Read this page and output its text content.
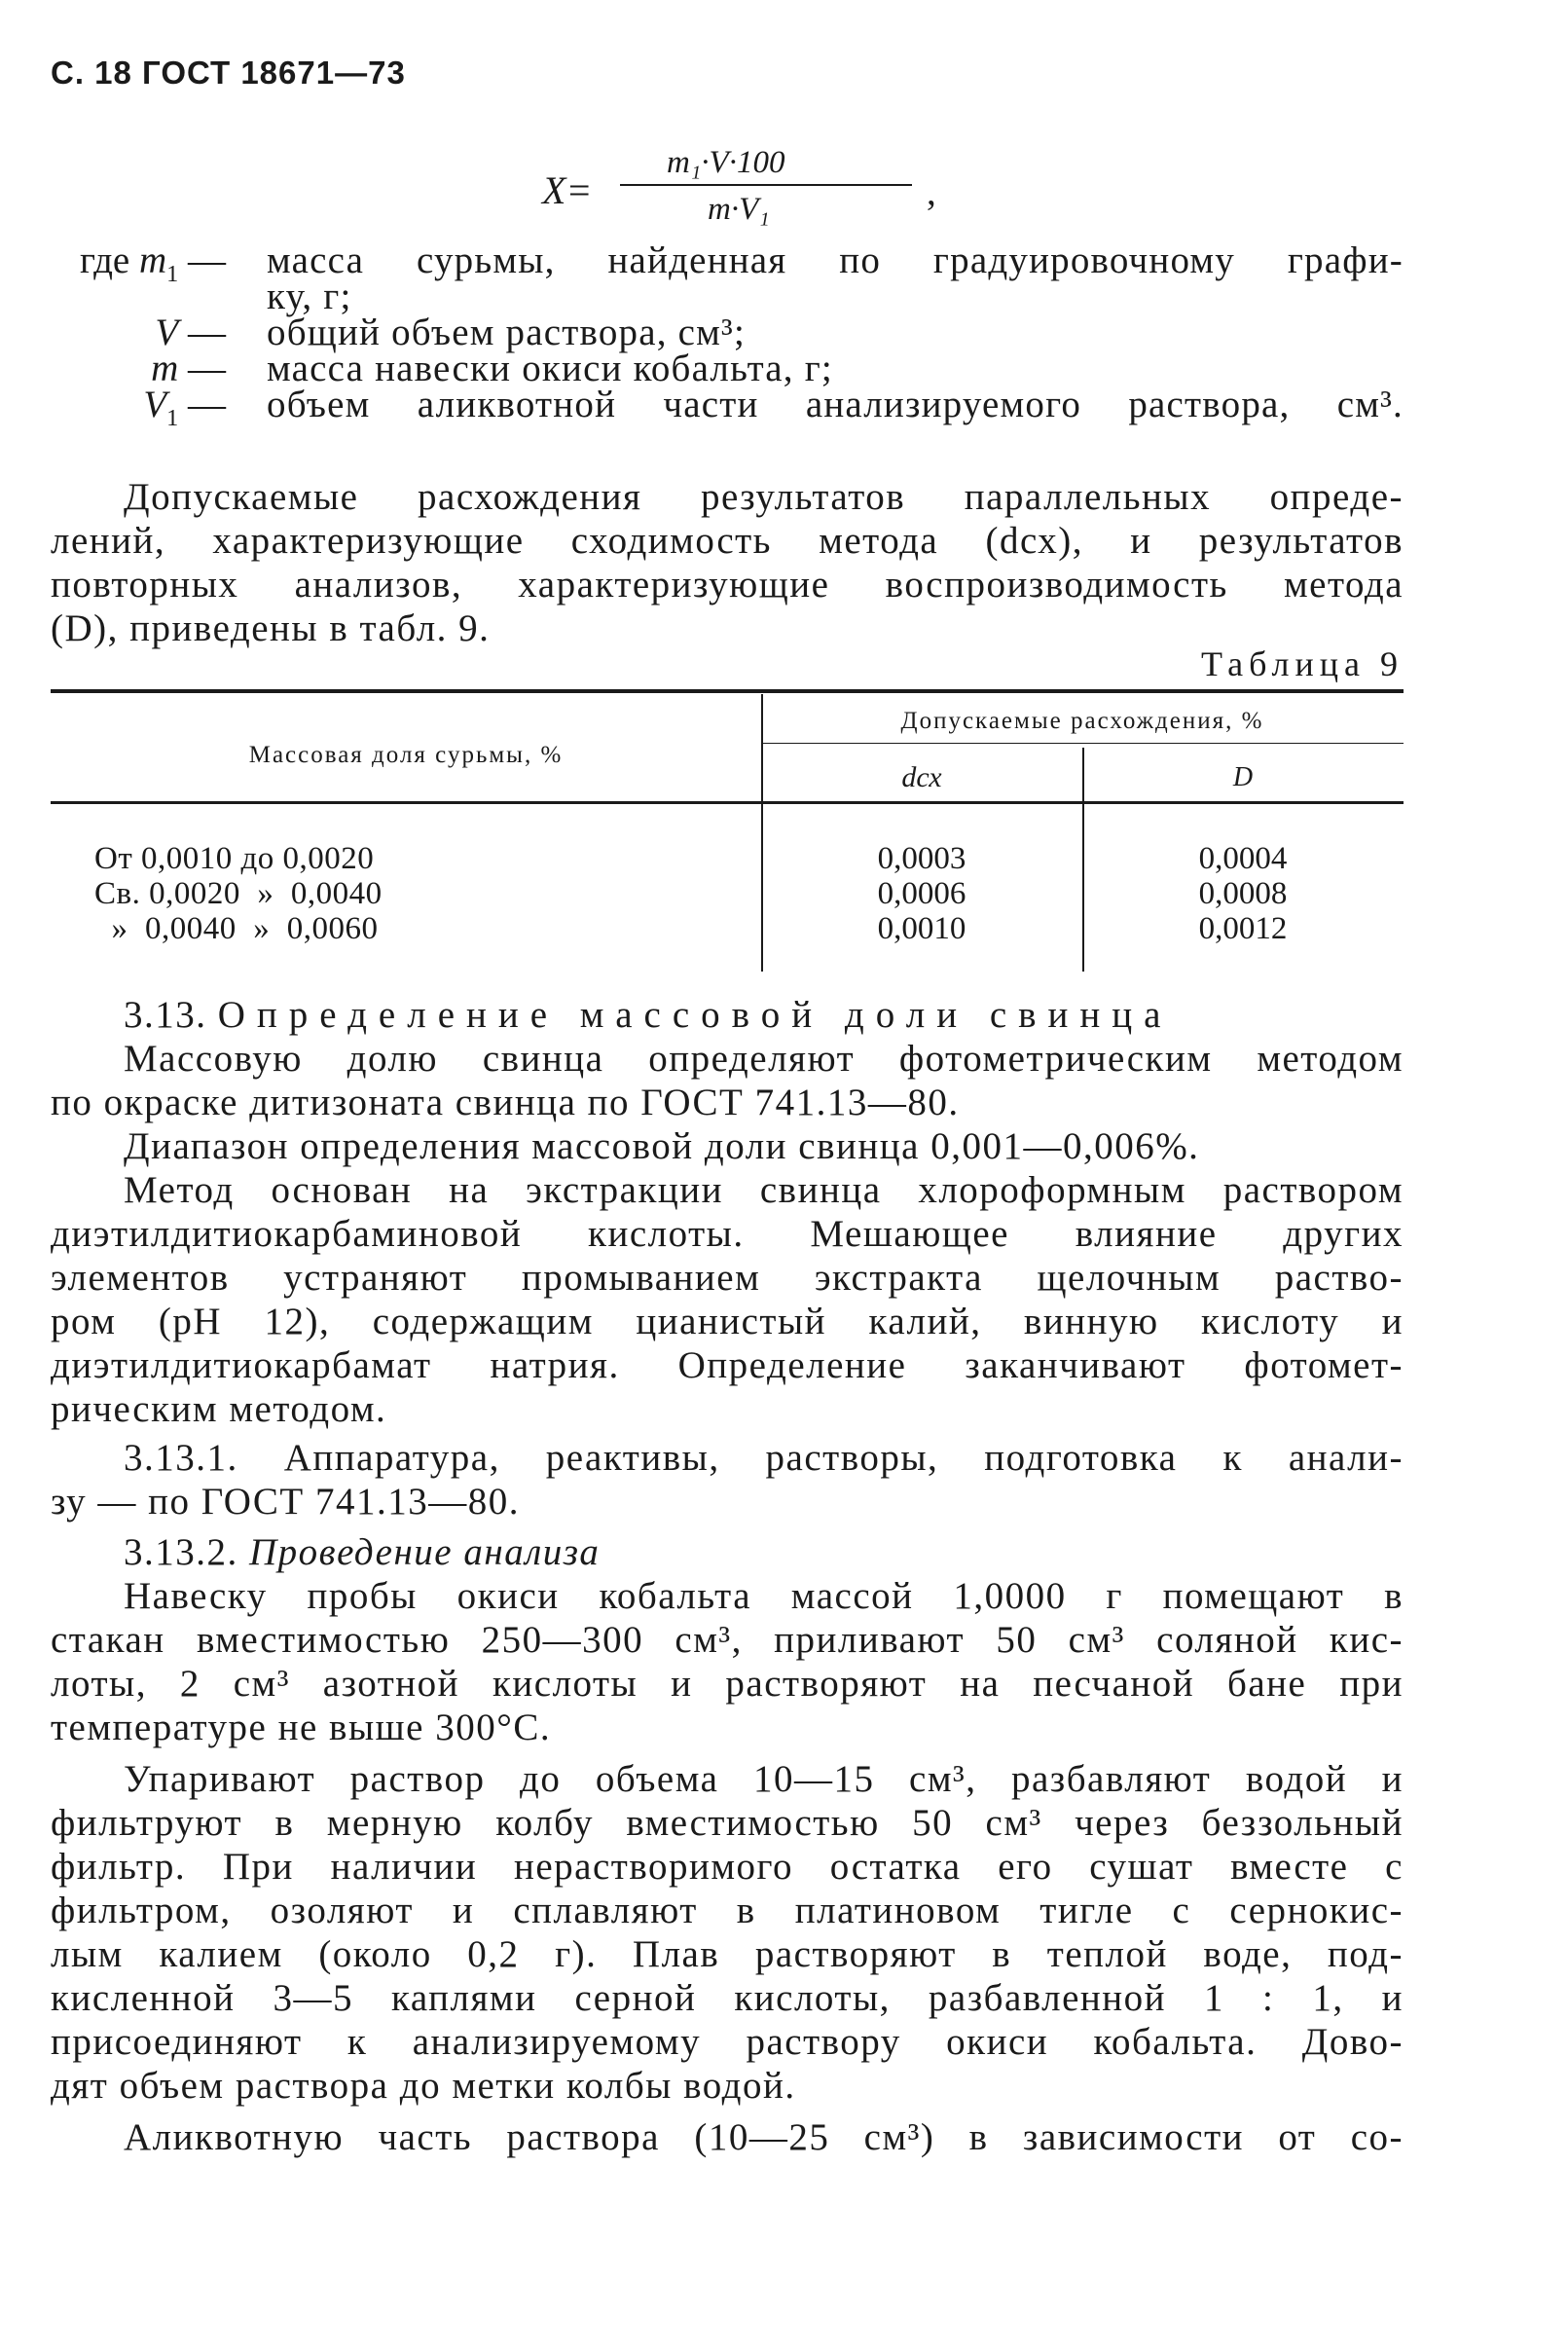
С. 18 ГОСТ 18671—73
X=
m₁·V·100
m·V₁	,
где $m_1$ — масса сурьмы, найденная по градуировочному графи-
ку, г;
V — общий объем раствора, см³;
m — масса навески окиси кобальта, г;
$V_1$ — объем аликвотной части анализируемого раствора, см³.

Допускаемые расхождения результатов параллельных опреде-

лений, характеризующие сходимость метода (dсх), и результатов

повторных анализов, характеризующие воспроизводимость метода

(D), приведены в табл. 9.

Таблица 9
Массовая доля сурьмы, %
Допускаемые расхождения, %
dсх	D
От 0,0010 до 0,0020	0,0003	0,0004
Св. 0,0020  »  0,0040	0,0006	0,0008
»  0,0040  »  0,0060	0,0010	0,0012

3.13. Определение массовой доли свинца

Массовую долю свинца определяют фотометрическим методом

по окраске дитизоната свинца по ГОСТ 741.13—80.

Диапазон определения массовой доли свинца 0,001—0,006%.

Метод основан на экстракции свинца хлороформным раствором

диэтилдитиокарбаминовой кислоты. Мешающее влияние других

элементов устраняют промыванием экстракта щелочным раство-

ром (pH 12), содержащим цианистый калий, винную кислоту и

диэтилдитиокарбамат натрия. Определение заканчивают фотомет-

рическим методом.

3.13.1. Аппаратура, реактивы, растворы, подготовка к анали-

зу — по ГОСТ 741.13—80.

3.13.2. Проведение анализа

Навеску пробы окиси кобальта массой 1,0000 г помещают в

стакан вместимостью 250—300 см³, приливают 50 см³ соляной кис-

лоты, 2 см³ азотной кислоты и растворяют на песчаной бане при

температуре не выше 300°С.

Упаривают раствор до объема 10—15 см³, разбавляют водой и

фильтруют в мерную колбу вместимостью 50 см³ через беззольный

фильтр. При наличии нерастворимого остатка его сушат вместе с

фильтром, озоляют и сплавляют в платиновом тигле с сернокис-

лым калием (около 0,2 г). Плав растворяют в теплой воде, под-

кисленной 3—5 каплями серной кислоты, разбавленной 1 : 1, и

присоединяют к анализируемому раствору окиси кобальта. Дово-

дят объем раствора до метки колбы водой.

Аликвотную часть раствора (10—25 см³) в зависимости от со-
